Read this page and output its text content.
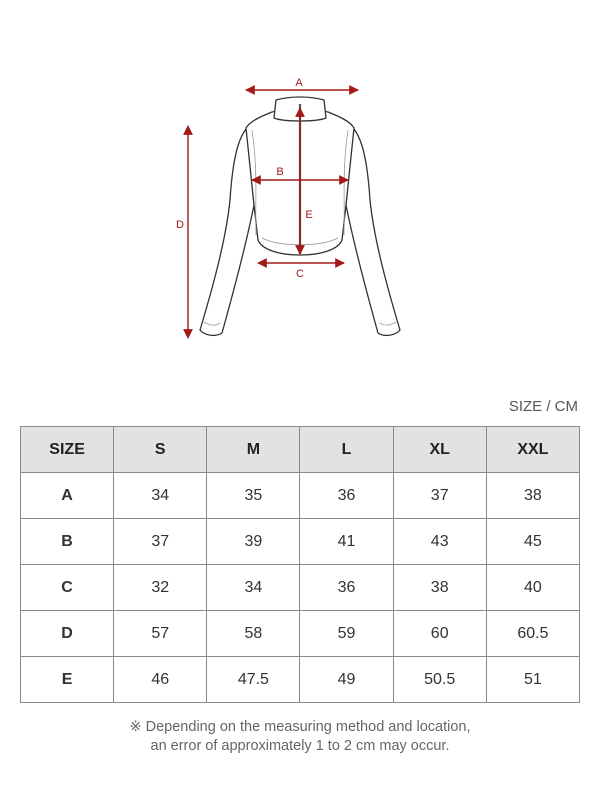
A
B
C
D
E
SIZE / CM
SIZE	S	M	L	XL	XXL
A	34	35	36	37	38
B	37	39	41	43	45
C	32	34	36	38	40
D	57	58	59	60	60.5
E	46	47.5	49	50.5	51
※ Depending on the measuring method and location,
an error of approximately 1 to 2 cm may occur.
